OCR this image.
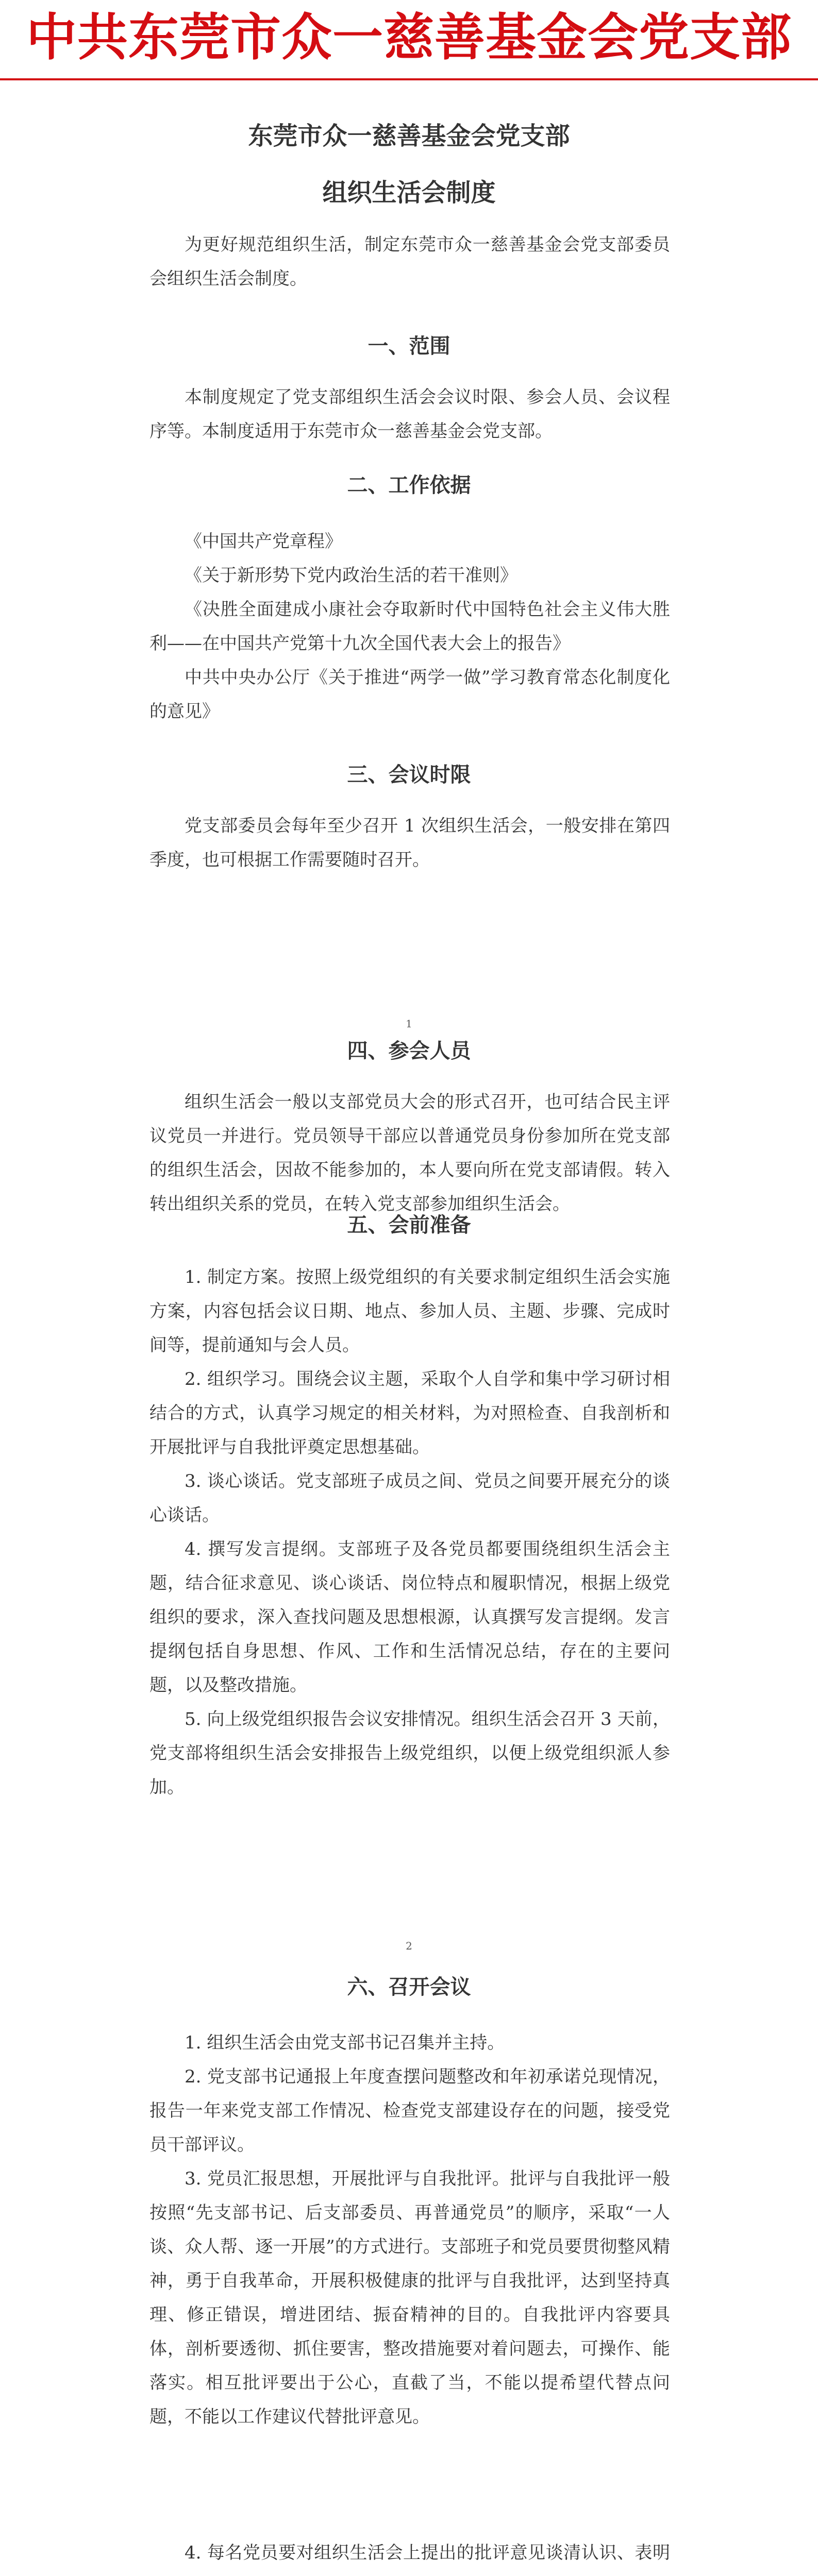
中共东莞市众一慈善基金会党支部
东莞市众一慈善基金会党支部
组织生活会制度

为更好规范组织生活，制定东莞市众一慈善基金会党支部委员会组织生活会制度。

一、范围

本制度规定了党支部组织生活会会议时限、参会人员、会议程序等。本制度适用于东莞市众一慈善基金会党支部。

二、工作依据

《中国共产党章程》

《关于新形势下党内政治生活的若干准则》

《决胜全面建成小康社会夺取新时代中国特色社会主义伟大胜利——在中国共产党第十九次全国代表大会上的报告》

中共中央办公厅《关于推进“两学一做”学习教育常态化制度化的意见》

三、会议时限

党支部委员会每年至少召开 1 次组织生活会，一般安排在第四季度，也可根据工作需要随时召开。

1
四、参会人员

组织生活会一般以支部党员大会的形式召开，也可结合民主评议党员一并进行。党员领导干部应以普通党员身份参加所在党支部的组织生活会，因故不能参加的，本人要向所在党支部请假。转入转出组织关系的党员，在转入党支部参加组织生活会。

五、会前准备

1. 制定方案。按照上级党组织的有关要求制定组织生活会实施方案，内容包括会议日期、地点、参加人员、主题、步骤、完成时间等，提前通知与会人员。

2. 组织学习。围绕会议主题，采取个人自学和集中学习研讨相结合的方式，认真学习规定的相关材料，为对照检查、自我剖析和开展批评与自我批评奠定思想基础。

3. 谈心谈话。党支部班子成员之间、党员之间要开展充分的谈心谈话。

4. 撰写发言提纲。支部班子及各党员都要围绕组织生活会主题，结合征求意见、谈心谈话、岗位特点和履职情况，根据上级党组织的要求，深入查找问题及思想根源，认真撰写发言提纲。发言提纲包括自身思想、作风、工作和生活情况总结，存在的主要问题，以及整改措施。

5. 向上级党组织报告会议安排情况。组织生活会召开 3 天前，党支部将组织生活会安排报告上级党组织，以便上级党组织派人参加。

2
六、召开会议

1. 组织生活会由党支部书记召集并主持。

2. 党支部书记通报上年度查摆问题整改和年初承诺兑现情况，报告一年来党支部工作情况、检查党支部建设存在的问题，接受党员干部评议。

3. 党员汇报思想，开展批评与自我批评。批评与自我批评一般按照“先支部书记、后支部委员、再普通党员”的顺序，采取“一人谈、众人帮、逐一开展”的方式进行。支部班子和党员要贯彻整风精神，勇于自我革命，开展积极健康的批评与自我批评，达到坚持真理、修正错误，增进团结、振奋精神的目的。自我批评内容要具体，剖析要透彻、抓住要害，整改措施要对着问题去，可操作、能落实。相互批评要出于公心，直截了当，不能以提希望代替点问题，不能以工作建议代替批评意见。

4. 每名党员要对组织生活会上提出的批评意见谈清认识、表明
